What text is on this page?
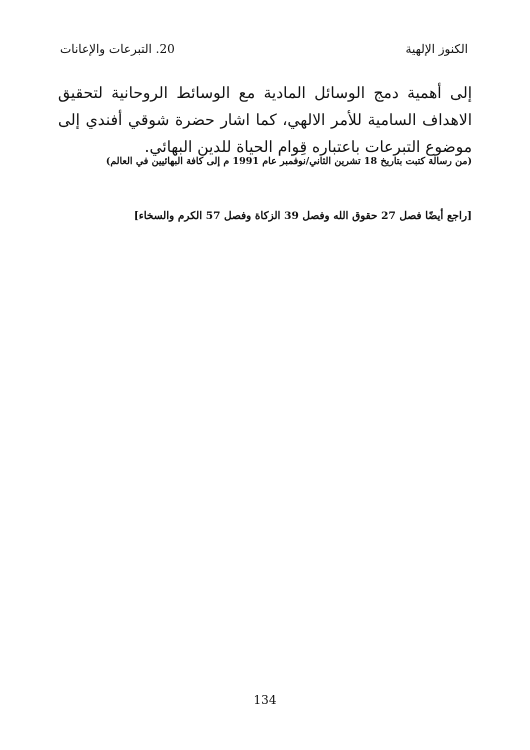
الكنوز الإلهية
20. التبرعات والإعانات

إلى أهمية دمج الوسائل المادية مع الوسائط الروحانية لتحقيق الاهداف السامية للأمر الالهي، كما اشار حضرة شوقي أفندي إلى موضوع التبرعات باعتباره قِوام الحياة للدين البهائي.

(من رسالة كتبت بتاريخ 18 تشرين الثاني/نوفمبر عام 1991 م إلى كافة البهائيين في العالم)
[راجع أيضًا فصل 27 حقوق الله وفصل 39 الزكاة وفصل 57 الكرم والسخاء]
134
